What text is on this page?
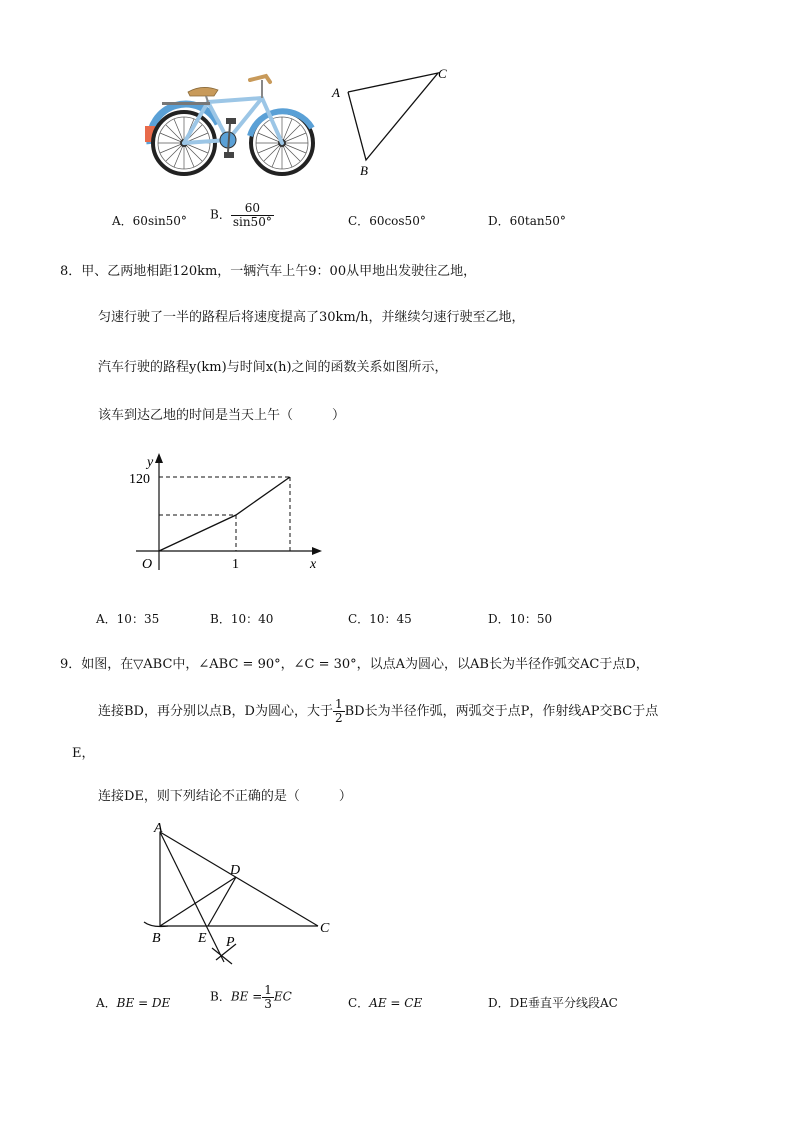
A
B
C
A．60sin50° B． $\frac{60}{\sin 50^\circ}$	C．60cos50°	D．60tan50°
8．甲、乙两地相距120km，一辆汽车上午9：00从甲地出发驶往乙地，
匀速行驶了一半的路程后将速度提高了30km/h，并继续匀速行驶至乙地，
汽车行驶的路程y(km)与时间x(h)之间的函数关系如图所示，
该车到达乙地的时间是当天上午（　　　）
y
x
O
120
1
A．10：35	B．10：40	C．10：45	D．10：50
9．如图，在▽ABC中，∠ABC = 90°，∠C = 30°，以点A为圆心，以AB长为半径作弧交AC于点D，
连接BD，再分别以点B，D为圆心，大于 $\frac{1}{2}$ BD长为半径作弧，两弧交于点P，作射线AP交BC于点
E，
连接DE，则下列结论不正确的是（　　　）
A
B
C
D
E P
A．BE = DE	B．BE = $\frac{1}{3}$ EC	C．AE = CE	D．DE垂直平分线段AC
